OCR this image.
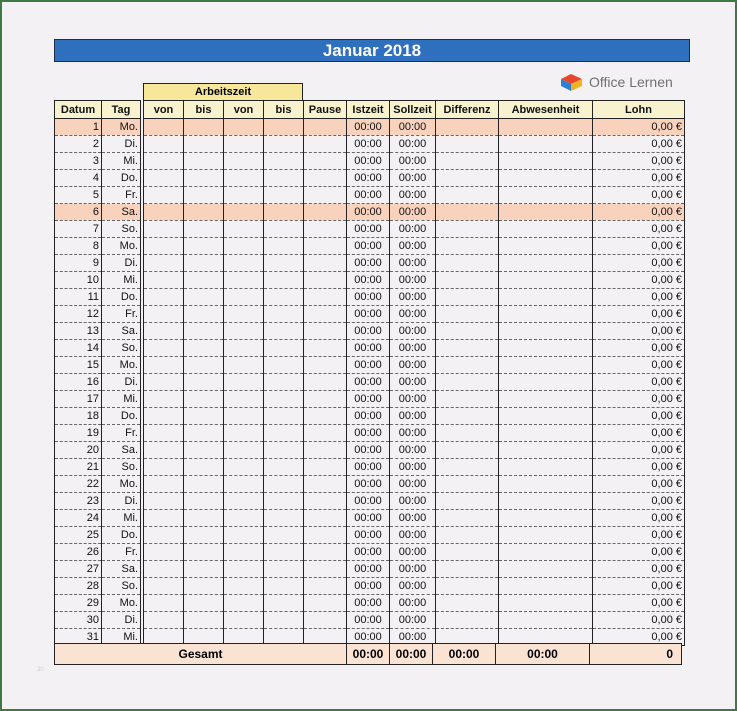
Januar 2018
Office Lernen
Arbeitszeit
Datum	Tag		von	bis	von	bis	Pause	Istzeit	Sollzeit	Differenz	Abwesenheit	Lohn
1	Mo.							00:00	00:00			0,00 €
2	Di.							00:00	00:00			0,00 €
3	Mi.							00:00	00:00			0,00 €
4	Do.							00:00	00:00			0,00 €
5	Fr.							00:00	00:00			0,00 €
6	Sa.							00:00	00:00			0,00 €
7	So.							00:00	00:00			0,00 €
8	Mo.							00:00	00:00			0,00 €
9	Di.							00:00	00:00			0,00 €
10	Mi.							00:00	00:00			0,00 €
11	Do.							00:00	00:00			0,00 €
12	Fr.							00:00	00:00			0,00 €
13	Sa.							00:00	00:00			0,00 €
14	So.							00:00	00:00			0,00 €
15	Mo.							00:00	00:00			0,00 €
16	Di.							00:00	00:00			0,00 €
17	Mi.							00:00	00:00			0,00 €
18	Do.							00:00	00:00			0,00 €
19	Fr.							00:00	00:00			0,00 €
20	Sa.							00:00	00:00			0,00 €
21	So.							00:00	00:00			0,00 €
22	Mo.							00:00	00:00			0,00 €
23	Di.							00:00	00:00			0,00 €
24	Mi.							00:00	00:00			0,00 €
25	Do.							00:00	00:00			0,00 €
26	Fr.							00:00	00:00			0,00 €
27	Sa.							00:00	00:00			0,00 €
28	So.							00:00	00:00			0,00 €
29	Mo.							00:00	00:00			0,00 €
30	Di.							00:00	00:00			0,00 €
31	Mi.							00:00	00:00			0,00 €
Gesamt	00:00	00:00	00:00	00:00	0
30
